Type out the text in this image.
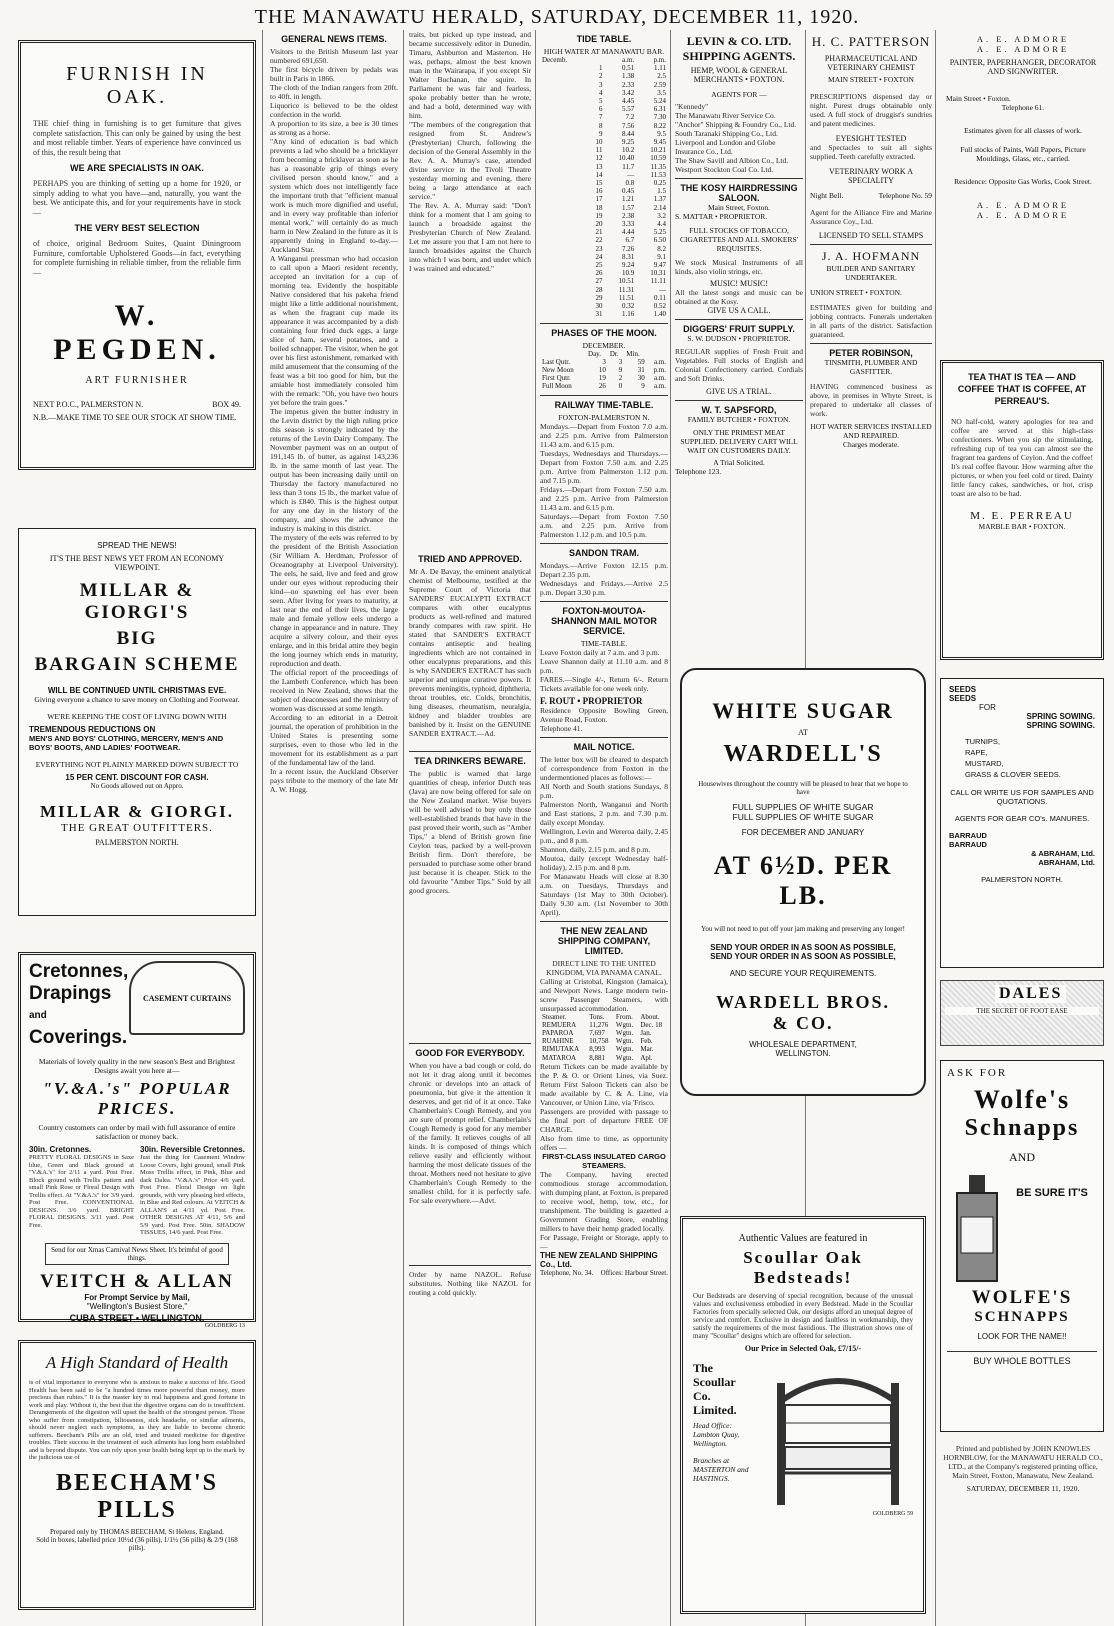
THE MANAWATU HERALD, SATURDAY, DECEMBER 11, 1920.
FURNISH IN OAK.
THE chief thing in furnishing is to get furniture that gives complete satisfaction. This can only be gained by using the best and most reliable timber. Years of experience have convinced us of this, the result being that
WE ARE SPECIALISTS IN OAK.
PERHAPS you are thinking of setting up a home for 1920, or simply adding to what you have—and, naturally, you want the best. We anticipate this, and for your requirements have in stock —
THE VERY BEST SELECTION
of choice, original Bedroom Suites, Quaint Diningroom Furniture, comfortable Upholstered Goods—in fact, everything for complete furnishing in reliable timber, from the reliable firm —
W. PEGDEN.
ART FURNISHER
NEXT P.O.C., PALMERSTON N.	BOX 49.
N.B.—MAKE TIME TO SEE OUR STOCK AT SHOW TIME.
SPREAD THE NEWS!
IT'S THE BEST NEWS YET FROM AN ECONOMY VIEWPOINT.
MILLAR & GIORGI'S
BIG
BARGAIN SCHEME
WILL BE CONTINUED UNTIL CHRISTMAS EVE.
Giving everyone a chance to save money on Clothing and Footwear.
WE'RE KEEPING THE COST OF LIVING DOWN WITH
TREMENDOUS REDUCTIONS ON
MEN'S AND BOYS' CLOTHING, MERCERY, MEN'S AND BOYS' BOOTS, AND LADIES' FOOTWEAR.
EVERYTHING NOT PLAINLY MARKED DOWN SUBJECT TO
15 PER CENT. DISCOUNT FOR CASH.
No Goods allowed out on Appro.
MILLAR & GIORGI.
THE GREAT OUTFITTERS.
PALMERSTON NORTH.
Cretonnes,
Drapings
and
Coverings.
CASEMENT CURTAINS
Materials of lovely quality in the new season's Best and Brightest Designs await you here at—
"V.&A.'s" POPULAR PRICES.
Country customers can order by mail with full assurance of entire satisfaction or money back.
30in. Cretonnes.
PRETTY FLORAL DESIGNS in Saxe blue, Green and Black ground at "V.&A.'s" for 2/11 a yard. Post Free. Block ground with Trellis pattern and small Pink Rose or Floral Design with Trellis effect. At "V.&A.'s" for 3/9 yard. Post Free. CONVENTIONAL DESIGNS. 3/6 yard. BRIGHT FLORAL DESIGNS. 3/11 yard. Post Free.
30in. Reversible Cretonnes.
Just the thing for Casement Window Loose Covers, light ground, small Pink Moss Trellis effect, in Pink, Blue and dark Dalea. "V.&A.'s" Price 4/6 yard. Post Free. Floral Design on light grounds, with very pleasing bird effects, in Blue and Red colours. At VEITCH & ALLAN'S at 4/11 yd. Post Free. OTHER DESIGNS AT 4/11, 5/6 and 5/9 yard. Post Free. 50in. SHADOW TISSUES, 14/6 yard. Post Free.
Send for our Xmas Carnival News Sheet. It's brimful of good things.
VEITCH & ALLAN
For Prompt Service by Mail,
"Wellington's Busiest Store,"
CUBA STREET • WELLINGTON.
GOLDBERG 13
A High Standard of Health
is of vital importance to everyone who is anxious to make a success of life. Good Health has been said to be "a hundred times more powerful than money, more precious than rubies." It is the master key to real happiness and good fortune in work and play. Without it, the best that the digestive organs can do is insufficient. Derangements of the digestion will upset the health of the strongest person. Those who suffer from constipation, biliousness, sick headache, or similar ailments, should never neglect such symptoms, as they are liable to become chronic sufferers. Beecham's Pills are an old, tried and trusted medicine for digestive troubles. Their success in the treatment of such ailments has long been established and is beyond dispute. You can rely upon your health being kept up to the mark by the judicious use of
BEECHAM'S PILLS
Prepared only by THOMAS BEECHAM, St Helens, England.
Sold in boxes, labelled price 10½d (36 pills), 1/1½ (56 pills) & 2/9 (168 pills).
GENERAL NEWS ITEMS.
Visitors to the British Museum last year numbered 691,650.
The first bicycle driven by pedals was built in Paris in 1866.
The cloth of the Indian rangers from 20ft. to 40ft. in length.
Liquorice is believed to be the oldest confection in the world.
A proportion to its size, a bee is 30 times as strong as a horse.
"Any kind of education is bad which prevents a lad who should be a bricklayer from becoming a bricklayer as soon as he has a reasonable grip of things every civilised person should know," and a system which does not intelligently face the important truth that "efficient manual work is much more dignified and useful, and in every way profitable than inferior mental work," will certainly do as much harm in New Zealand in the future as it is apparently doing in England to-day.—Auckland Star.
A Wanganui pressman who had occasion to call upon a Maori resident recently, accepted an invitation for a cup of morning tea. Evidently the hospitable Native considered that his pakeha friend might like a little additional nourishment, as when the fragrant cup made its appearance it was accompanied by a dish containing four fried duck eggs, a large slice of ham, several potatoes, and a boiled schnapper. The visitor, when he got over his first astonishment, remarked with mild amusement that the consuming of the feast was a bit too good for him, but the amiable host immediately consoled him with the remark: "Oh, you have two hours yet before the train goes."
The impetus given the butter industry in the Levin district by the high ruling price this season is strongly indicated by the returns of the Levin Dairy Company. The November payment was on an output of 191,145 lb. of butter, as against 143,236 lb. in the same month of last year. The output has been increasing daily until on Thursday the factory manufactured no less than 3 tons 15 lb., the market value of which is £840. This is the highest output for any one day in the history of the company, and shows the advance the industry is making in this district.
The mystery of the eels was referred to by the president of the British Association (Sir William A. Herdman, Professor of Oceanography at Liverpool University). The eels, he said, live and feed and grow under our eyes without reproducing their kind—no spawning eel has ever been seen. After living for years to maturity, at last near the end of their lives, the large male and female yellow eels undergo a change in appearance and in nature. They acquire a silvery colour, and their eyes enlarge, and in this bridal attire they begin the long journey which ends in maturity, reproduction and death.
The official report of the proceedings of the Lambeth Conference, which has been received in New Zealand, shows that the subject of deaconesses and the ministry of women was discussed at some length.
According to an editorial in a Detroit journal, the operation of prohibition in the United States is presenting some surprises, even to those who led in the movement for its establishment as a part of the fundamental law of the land.
In a recent issue, the Auckland Observer pays tribute to the memory of the late Mr A. W. Hogg.
traits, but picked up type instead, and became successively editor in Dunedin, Timaru, Ashburton and Masterton. He was, perhaps, almost the best known man in the Wairarapa, if you except Sir Walter Buchanan, the squire. In Parliament he was fair and fearless, spoke probably better than he wrote, and had a bold, determined way with him.
"The members of the congregation that resigned from St. Andrew's (Presbyterian) Church, following the decision of the General Assembly in the Rev. A. A. Murray's case, attended divine service in the Tivoli Theatre yesterday morning and evening, there being a large attendance at each service."
The Rev. A. A. Murray said: "Don't think for a moment that I am going to launch a broadside against the Presbyterian Church of New Zealand. Let me assure you that I am not here to launch broadsides against the Church into which I was born, and under which I was trained and educated."
TRIED AND APPROVED.
Mr A. De Bavay, the eminent analytical chemist of Melbourne, testified at the Supreme Court of Victoria that SANDERS' EUCALYPTI EXTRACT compares with other eucalyptus products as well-refined and matured brandy compares with raw spirit. He stated that SANDER'S EXTRACT contains antiseptic and healing ingredients which are not contained in other eucalyptus preparations, and this is why SANDER'S EXTRACT has such superior and unique curative powers. It prevents meningitis, typhoid, diphtheria, throat troubles, etc. Colds, bronchitis, lung diseases, rheumatism, neuralgia, kidney and bladder troubles are banished by it. Insist on the GENUINE SANDER EXTRACT.—Ad.
TEA DRINKERS BEWARE.
The public is warned that large quantities of cheap, inferior Dutch teas (Java) are now being offered for sale on the New Zealand market. Wise buyers will be well advised to buy only those well-established brands that have in the past proved their worth, such as "Amber Tips," a blend of British grown fine Ceylon teas, packed by a well-proven British firm. Don't therefore, be persuaded to purchase some other brand just because it is cheaper. Stick to the old favourite "Amber Tips." Sold by all good grocers.
GOOD FOR EVERYBODY.
When you have a bad cough or cold, do not let it drag along until it becomes chronic or develops into an attack of pneumonia, but give it the attention it deserves, and get rid of it at once. Take Chamberlain's Cough Remedy, and you are sure of prompt relief. Chamberlain's Cough Remedy is good for any member of the family. It relieves coughs of all kinds. It is composed of things which relieve easily and efficiently without harming the most delicate tissues of the throat. Mothers need not hesitate to give Chamberlain's Cough Remedy to the smallest child, for it is perfectly safe. For sale everywhere.—Advt.
Order by name NAZOL. Refuse substitutes. Nothing like NAZOL for routing a cold quickly.
TIDE TABLE.
HIGH WATER AT MANAWATU BAR.
Decemb.		a.m.	p.m.
	1	0.51	1.11
	2	1.38	2.5
	3	2.33	2.59
	4	3.42	3.5
	5	4.45	5.24
	6	5.57	6.31
	7	7.2	7.30
	8	7.56	8.22
	9	8.44	9.5
	10	9.25	9.45
	11	10.2	10.21
	12	10.40	10.59
	13	11.7	11.35
	14	—	11.53
	15	0.8	0.25
	16	0.45	1.5
	17	1.21	1.37
	18	1.57	2.14
	19	2.38	3.2
	20	3.33	4.4
	21	4.44	5.25
	22	6.7	6.50
	23	7.26	8.2
	24	8.31	9.1
	25	9.24	9.47
	26	10.9	10.31
	27	10.51	11.11
	28	11.31	—
	29	11.51	0.11
	30	0.32	0.52
	31	1.16	1.40
PHASES OF THE MOON.
DECEMBER.
	Day.	Dr.	Min.	
Last Qutr.	3	3	59	a.m.
New Moon	10	9	31	p.m.
First Qutr.	19	2	30	a.m.
Full Moon	26	0	9	a.m.
RAILWAY TIME-TABLE.
FOXTON-PALMERSTON N.
Mondays.—Depart from Foxton 7.0 a.m. and 2.25 p.m. Arrive from Palmerston 11.43 a.m. and 6.15 p.m.
Tuesdays, Wednesdays and Thursdays.—Depart from Foxton 7.50 a.m. and 2.25 p.m. Arrive from Palmerston 1.12 p.m. and 7.15 p.m.
Fridays.—Depart from Foxton 7.50 a.m. and 2.25 p.m. Arrive from Palmerston 11.43 a.m. and 6.15 p.m.
Saturdays.—Depart from Foxton 7.50 a.m. and 2.25 p.m. Arrive from Palmerston 1.12 p.m. and 10.5 p.m.
SANDON TRAM.
Mondays.—Arrive Foxton 12.15 p.m. Depart 2.35 p.m.
Wednesdays and Fridays.—Arrive 2.5 p.m. Depart 3.30 p.m.
FOXTON-MOUTOA-SHANNON MAIL MOTOR SERVICE.
TIME-TABLE.
Leave Foxton daily at 7 a.m. and 3 p.m.
Leave Shannon daily at 11.10 a.m. and 8 p.m.
FARES.—Single 4/-, Return 6/-. Return Tickets available for one week only.
F. ROUT • PROPRIETOR
Residence Opposite Bowling Green, Avenue Road, Foxton.
Telephone 41.
MAIL NOTICE.
The letter box will be cleared to despatch of correspondence from Foxton in the undermentioned places as follows:—
All North and South stations Sundays, 8 p.m.
Palmerston North, Wanganui and North and East stations, 2 p.m. and 7.30 p.m. daily except Monday.
Wellington, Levin and Wereroa daily, 2.45 p.m., and 8 p.m.
Shannon, daily, 2.15 p.m. and 8 p.m.
Moutoa, daily (except Wednesday half-holiday), 2.15 p.m. and 8 p.m.
For Manawatu Heads will close at 8.30 a.m. on Tuesdays, Thursdays and Saturdays (1st May to 30th October). Daily 9.30 a.m. (1st November to 30th April).
THE NEW ZEALAND SHIPPING COMPANY, LIMITED.
DIRECT LINE TO THE UNITED KINGDOM, VIA PANAMA CANAL.
Calling at Cristobal, Kingston (Jamaica), and Newport News. Large modern twin-screw Passenger Steamers, with unsurpassed accommodation.
Steamer.	Tons.	From.	About.
REMUERA	11,276	Wgtn.	Dec. 18
PAPAROA	7,697	Wgtn.	Jan.
RUAHINE	10,758	Wgtn.	Feb.
RIMUTAKA	8,993	Wgtn.	Mar.
MATAROA	8,881	Wgtn.	Apl.
Return Tickets can be made available by the P. & O. or Orient Lines, via Suez. Return First Saloon Tickets can also be made available by C. & A. Line, via Vancouver, or Union Line, via 'Frisco.
Passengers are provided with passage to the final port of departure FREE OF CHARGE.
Also from time to time, as opportunity offers —
FIRST-CLASS INSULATED CARGO STEAMERS.
The Company, having erected commodious storage accommodation, with dumping plant, at Foxton, is prepared to receive wool, hemp, tow, etc., for transhipment. The building is gazetted a Government Grading Store, enabling millers to have their hemp graded locally.
For Passage, Freight or Storage, apply to —
THE NEW ZEALAND SHIPPING Co., Ltd.
Telephone, No. 34. Offices: Harbour Street.
LEVIN & CO. LTD. SHIPPING AGENTS.
HEMP, WOOL & GENERAL MERCHANTS • FOXTON.
AGENTS FOR —
"Kennedy"
The Manawatu River Service Co.
"Anchor" Shipping & Foundry Co., Ltd.
South Taranaki Shipping Co., Ltd.
Liverpool and London and Globe Insurance Co., Ltd.
The Shaw Savill and Albion Co., Ltd.
Westport Stockton Coal Co. Ltd.
THE KOSY HAIRDRESSING SALOON.
Main Street, Foxton.
S. MATTAR • PROPRIETOR.
FULL STOCKS OF TOBACCO, CIGARETTES AND ALL SMOKERS' REQUISITES.
We stock Musical Instruments of all kinds, also violin strings, etc.
MUSIC! MUSIC!
All the latest songs and music can be obtained at the Kosy.
GIVE US A CALL.
DIGGERS' FRUIT SUPPLY.
S. W. DUDSON • PROPRIETOR.
REGULAR supplies of Fresh Fruit and Vegetables. Full stocks of English and Colonial Confectionery carried. Cordials and Soft Drinks.
GIVE US A TRIAL.
W. T. SAPSFORD,
FAMILY BUTCHER • FOXTON.
ONLY THE PRIMEST MEAT SUPPLIED. DELIVERY CART WILL WAIT ON CUSTOMERS DAILY.
A Trial Solicited.
Telephone 123.
H. C. PATTERSON
PHARMACEUTICAL AND VETERINARY CHEMIST
MAIN STREET • FOXTON
PRESCRIPTIONS dispensed day or night. Purest drugs obtainable only used. A full stock of druggist's sundries and patent medicines.
EYESIGHT TESTED
and Spectacles to suit all sights supplied. Teeth carefully extracted.
VETERINARY WORK A SPECIALITY
Night Bell.	Telephone No. 59
Agent for the Alliance Fire and Marine Assurance Coy., Ltd.
LICENSED TO SELL STAMPS
J. A. HOFMANN
BUILDER AND SANITARY UNDERTAKER.
UNION STREET • FOXTON.
ESTIMATES given for building and jobbing contracts. Funerals undertaken in all parts of the district. Satisfaction guaranteed.
PETER ROBINSON,
TINSMITH, PLUMBER AND GASFITTER.
HAVING commenced business as above, in premises in Whyte Street, is prepared to undertake all classes of work.
HOT WATER SERVICES INSTALLED AND REPAIRED.
Charges moderate.
WHITE SUGAR
AT
WARDELL'S
Housewives throughout the country will be pleased to hear that we hope to have
FULL SUPPLIES OF WHITE SUGAR
FULL SUPPLIES OF WHITE SUGAR
FOR DECEMBER AND JANUARY
AT 6½D. PER LB.
You will not need to put off your jam making and preserving any longer!
SEND YOUR ORDER IN AS SOON AS POSSIBLE,
SEND YOUR ORDER IN AS SOON AS POSSIBLE,
AND SECURE YOUR REQUIREMENTS.
WARDELL BROS.
& CO.
WHOLESALE DEPARTMENT,
WELLINGTON.
Authentic Values are featured in
Scoullar Oak Bedsteads!
Our Bedsteads are deserving of special recognition, because of the unusual values and exclusiveness embodied in every Bedstead. Made in the Scoullar Factories from specially selected Oak, our designs afford an unequal degree of service and comfort. Exclusive in design and faultless in workmanship, they satisfy the requirements of the most fastidious. The illustration shows one of many "Scoullar" designs which are offered for selection.
Our Price in Selected Oak, £7/15/-
The Scoullar Co. Limited.
Head Office: Lambton Quay, Wellington.
Branches at MASTERTON and HASTINGS.
GOLDBERG 59
A. E. ADMORE
A. E. ADMORE
PAINTER, PAPERHANGER, DECORATOR AND SIGNWRITER.
Main Street • Foxton.
Telephone 61.
Estimates given for all classes of work.
Full stocks of Paints, Wall Papers, Picture Mouldings, Glass, etc., carried.
Residence: Opposite Gas Works, Cook Street.
A. E. ADMORE
A. E. ADMORE
TEA THAT IS TEA — AND COFFEE THAT IS COFFEE, AT PERREAU'S.
NO half-cold, watery apologies for tea and coffee are served at this high-class confectioners. When you sip the stimulating, refreshing cup of tea you can almost see the fragrant tea gardens of Ceylon. And the coffee! It's real coffee flavour. How warming after the pictures, or when you feel cold or tired. Dainty little fancy cakes, sandwiches, or hot, crisp toast are also to be had.
M. E. PERREAU
MARBLE BAR • FOXTON.
SEEDS
SEEDS
FOR
SPRING SOWING.
SPRING SOWING.
TURNIPS,
RAPE,
MUSTARD,
GRASS & CLOVER SEEDS.
CALL OR WRITE US FOR SAMPLES AND QUOTATIONS.
AGENTS FOR GEAR CO's. MANURES.
BARRAUD
BARRAUD
& ABRAHAM, Ltd.
ABRAHAM, Ltd.
PALMERSTON NORTH.
DALES
THE SECRET OF FOOT EASE
ASK FOR
Wolfe's
Schnapps
AND
BE SURE IT'S
WOLFE'S
SCHNAPPS
LOOK FOR THE NAME!!
BUY WHOLE BOTTLES
Printed and published by JOHN KNOWLES HORNBLOW, for the MANAWATU HERALD CO., LTD., at the Company's registered printing office, Main Street, Foxton, Manawatu, New Zealand.
SATURDAY, DECEMBER 11, 1920.
